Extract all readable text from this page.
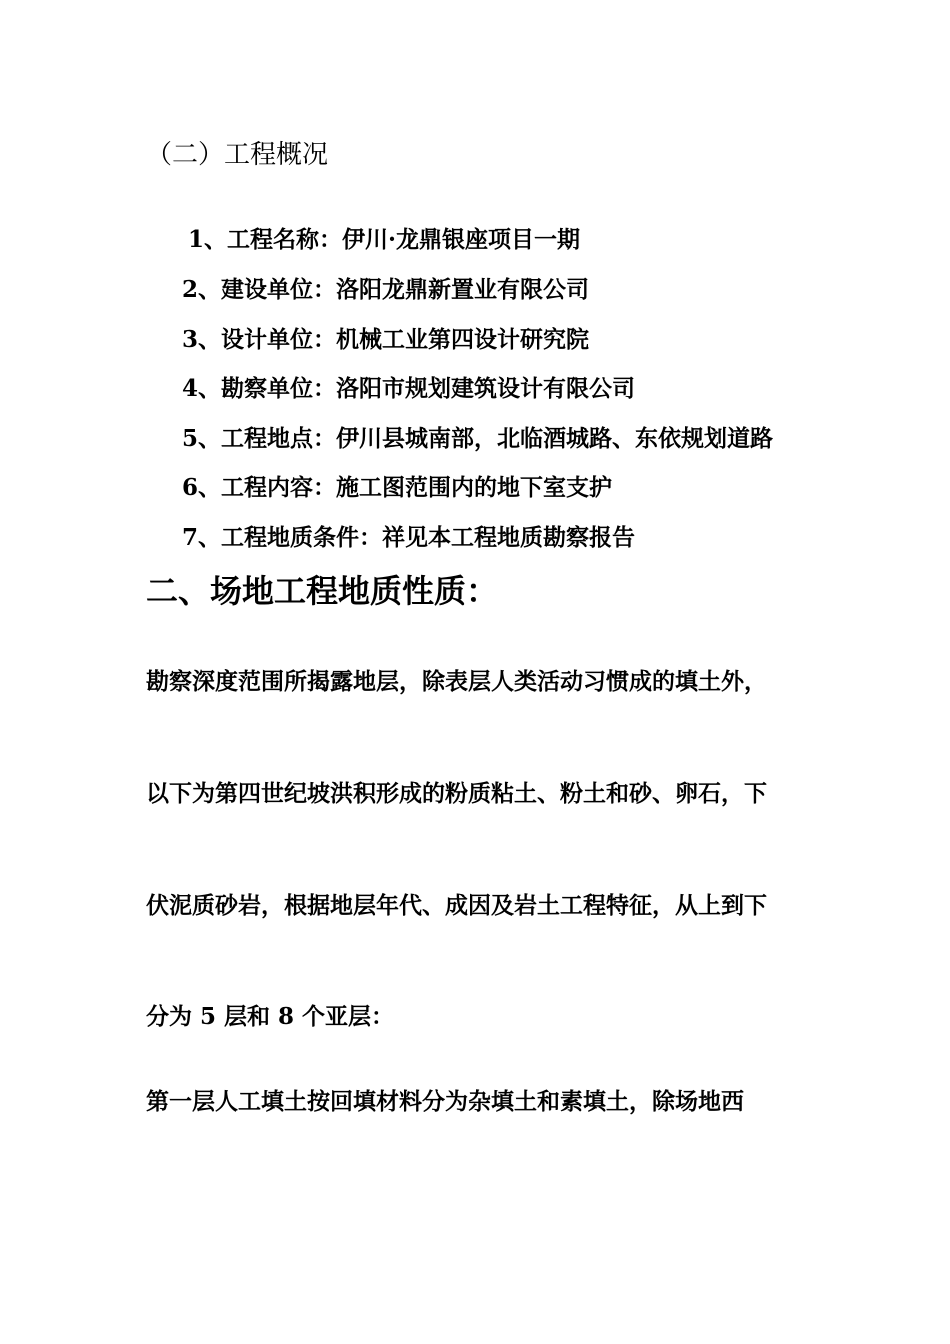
（二）工程概况
1、工程名称：伊川·龙鼎银座项目一期
2、建设单位：洛阳龙鼎新置业有限公司
3、设计单位：机械工业第四设计研究院
4、勘察单位：洛阳市规划建筑设计有限公司
5、工程地点：伊川县城南部，北临酒城路、东依规划道路
6、工程内容：施工图范围内的地下室支护
7、工程地质条件：祥见本工程地质勘察报告
二、场地工程地质性质：
勘察深度范围所揭露地层，除表层人类活动习惯成的填土外，
以下为第四世纪坡洪积形成的粉质粘土、粉土和砂、卵石，下
伏泥质砂岩，根据地层年代、成因及岩土工程特征，从上到下
分为 5 层和 8 个亚层：
第一层人工填土按回填材料分为杂填土和素填土，除场地西
